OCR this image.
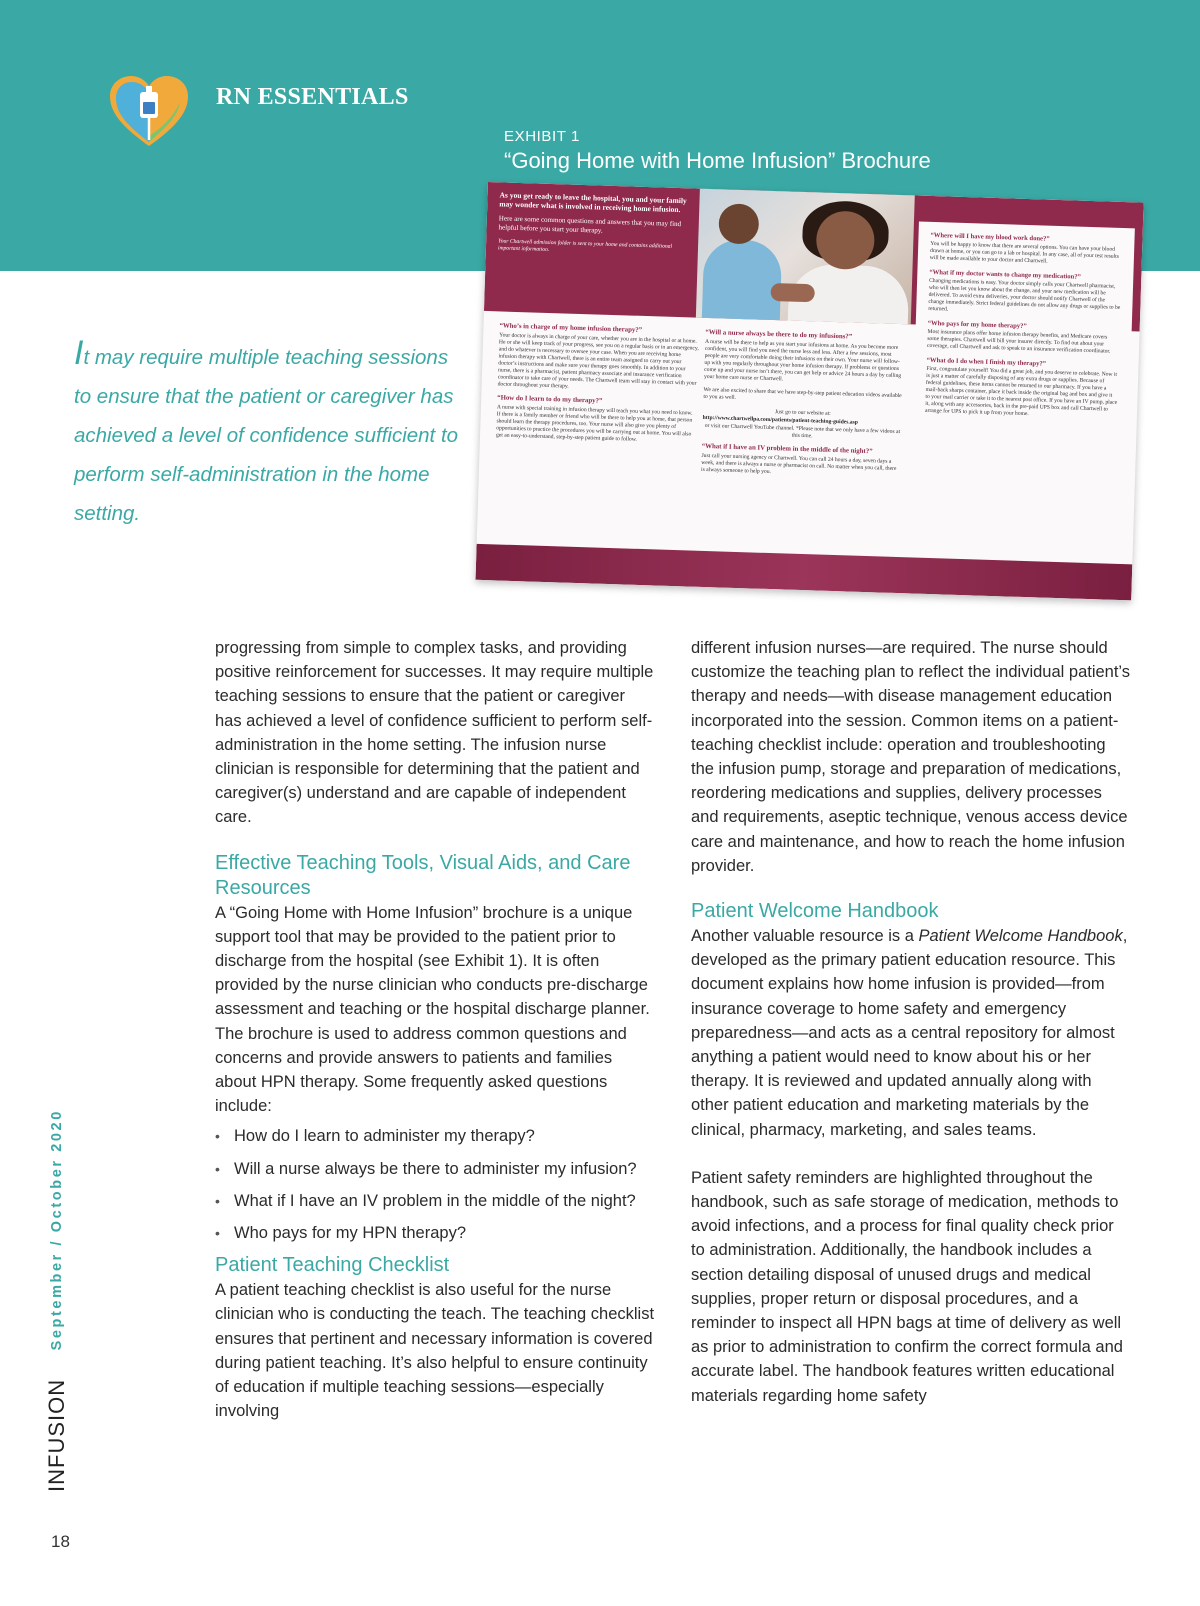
RN ESSENTIALS
EXHIBIT 1
“Going Home with Home Infusion” Brochure
It may require multiple teaching sessions to ensure that the patient or caregiver has achieved a level of confidence sufficient to perform self-administration in the home setting.

As you get ready to leave the hospital, you and your family may wonder what is involved in receiving home infusion.

Here are some common questions and answers that you may find helpful before you start your therapy.

Your Chartwell admission folder is sent to your home and contains additional important information.

“Where will I have my blood work done?”

You will be happy to know that there are several options. You can have your blood drawn at home, or you can go to a lab or hospital. In any case, all of your test results will be made available to your doctor and Chartwell.

“What if my doctor wants to change my medication?”

Changing medications is easy. Your doctor simply calls your Chartwell pharmacist, who will then let you know about the change, and your new medication will be delivered. To avoid extra deliveries, your doctor should notify Chartwell of the change immediately. Strict federal guidelines do not allow any drugs or supplies to be returned.

“Who pays for my home therapy?”

Most insurance plans offer home infusion therapy benefits, and Medicare covers some therapies. Chartwell will bill your insurer directly. To find out about your coverage, call Chartwell and ask to speak to an insurance verification coordinator.

“What do I do when I finish my therapy?”

First, congratulate yourself! You did a great job, and you deserve to celebrate. Now it is just a matter of carefully disposing of any extra drugs or supplies. Because of federal guidelines, these items cannot be returned to our pharmacy. If you have a mail-back sharps container, place it back inside the original bag and box and give it to your mail carrier or take it to the nearest post office. If you have an IV pump, place it, along with any accessories, back in the pre-paid UPS box and call Chartwell to arrange for UPS to pick it up from your home.

“Who’s in charge of my home infusion therapy?”

Your doctor is always in charge of your care, whether you are in the hospital or at home. He or she will keep track of your progress, see you on a regular basis or in an emergency, and do whatever is necessary to oversee your case. When you are receiving home infusion therapy with Chartwell, there is an entire team assigned to carry out your doctor’s instructions and make sure your therapy goes smoothly. In addition to your nurse, there is a pharmacist, patient pharmacy associate and insurance verification coordinator to take care of your needs. The Chartwell team will stay in contact with your doctor throughout your therapy.

“How do I learn to do my therapy?”

A nurse with special training in infusion therapy will teach you what you need to know. If there is a family member or friend who will be there to help you at home, that person should learn the therapy procedures, too. Your nurse will also give you plenty of opportunities to practice the procedures you will be carrying out at home. You will also get an easy-to-understand, step-by-step patient guide to follow.

“Will a nurse always be there to do my infusions?”

A nurse will be there to help as you start your infusions at home. As you become more confident, you will find you need the nurse less and less. After a few sessions, most people are very comfortable doing their infusions on their own. Your nurse will follow-up with you regularly throughout your home infusion therapy. If problems or questions come up and your nurse isn’t there, you can get help or advice 24 hours a day by calling your home care nurse or Chartwell.

We are also excited to share that we have step-by-step patient education videos available to you as well.

Just go to our website at:

http://www.chartwellpa.com/patients/patient-teaching-guides.asp

or visit our Chartwell YouTube channel. *Please note that we only have a few videos at this time.

“What if I have an IV problem in the middle of the night?”

Just call your nursing agency or Chartwell. You can call 24 hours a day, seven days a week, and there is always a nurse or pharmacist on call. No matter when you call, there is always someone to help you.

progressing from simple to complex tasks, and providing positive reinforcement for successes. It may require multiple teaching sessions to ensure that the patient or caregiver has achieved a level of confidence sufficient to perform self-administration in the home setting. The infusion nurse clinician is responsible for determining that the patient and caregiver(s) understand and are capable of independent care.

Effective Teaching Tools, Visual Aids, and Care Resources

A “Going Home with Home Infusion” brochure is a unique support tool that may be provided to the patient prior to discharge from the hospital (see Exhibit 1). It is often provided by the nurse clinician who conducts pre-discharge assessment and teaching or the hospital discharge planner. The brochure is used to address common questions and concerns and provide answers to patients and families about HPN therapy. Some frequently asked questions include:

• How do I learn to administer my therapy?
• Will a nurse always be there to administer my infusion?
• What if I have an IV problem in the middle of the night?
• Who pays for my HPN therapy?
Patient Teaching Checklist

A patient teaching checklist is also useful for the nurse clinician who is conducting the teach. The teaching checklist ensures that pertinent and necessary information is covered during patient teaching. It’s also helpful to ensure continuity of education if multiple teaching sessions—especially involving

different infusion nurses—are required. The nurse should customize the teaching plan to reflect the individual patient’s therapy and needs—with disease management education incorporated into the session. Common items on a patient-teaching checklist include: operation and troubleshooting the infusion pump, storage and preparation of medications, reordering medications and supplies, delivery processes and requirements, aseptic technique, venous access device care and maintenance, and how to reach the home infusion provider.

Patient Welcome Handbook

Another valuable resource is a Patient Welcome Handbook, developed as the primary patient education resource. This document explains how home infusion is provided—from insurance coverage to home safety and emergency preparedness—and acts as a central repository for almost anything a patient would need to know about his or her therapy. It is reviewed and updated annually along with other patient education and marketing materials by the clinical, pharmacy, marketing, and sales teams.

Patient safety reminders are highlighted throughout the handbook, such as safe storage of medication, methods to avoid infections, and a process for final quality check prior to administration. Additionally, the handbook includes a section detailing disposal of unused drugs and medical supplies, proper return or disposal procedures, and a reminder to inspect all HPN bags at time of delivery as well as prior to administration to confirm the correct formula and accurate label. The handbook features written educational materials regarding home safety

INFUSION September / October 2020
18
